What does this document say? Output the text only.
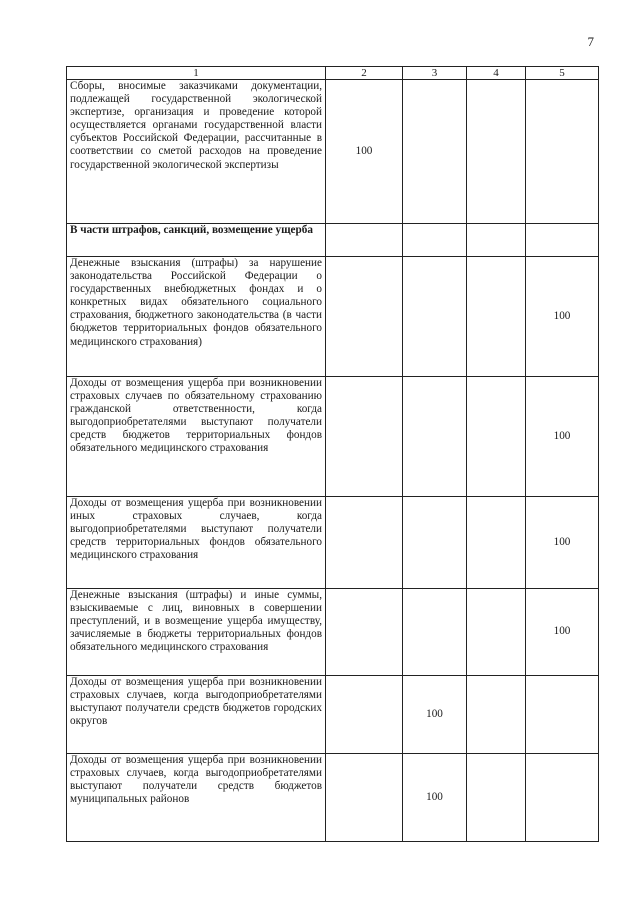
7
1	2	3	4	5
Сборы, вносимые заказчиками документации, подлежащей государственной экологической экспертизе, организация и проведение которой осуществляется органами государственной власти субъектов Российской Федерации, рассчитанные в соответствии со сметой расходов на проведение государственной экологической экспертизы	100			
В части штрафов, санкций, возмещение ущерба				
Денежные взыскания (штрафы) за нарушение законодательства Российской Федерации о государственных внебюджетных фондах и о конкретных видах обязательного социального страхования, бюджетного законодательства (в части бюджетов территориальных фондов обязательного медицинского страхования)				100
Доходы от возмещения ущерба при возникновении страховых случаев по обязательному страхованию гражданской ответственности, когда выгодоприобретателями выступают получатели средств бюджетов территориальных фондов обязательного медицинского страхования				100
Доходы от возмещения ущерба при возникновении иных страховых случаев, когда выгодоприобретателями выступают получатели средств территориальных фондов обязательного медицинского страхования				100
Денежные взыскания (штрафы) и иные суммы, взыскиваемые с лиц, виновных в совершении преступлений, и в возмещение ущерба имуществу, зачисляемые в бюджеты территориальных фондов обязательного медицинского страхования				100
Доходы от возмещения ущерба при возникновении страховых случаев, когда выгодоприобретателями выступают получатели средств бюджетов городских округов		100		
Доходы от возмещения ущерба при возникновении страховых случаев, когда выгодоприобретателями выступают получатели средств бюджетов муниципальных районов		100		
